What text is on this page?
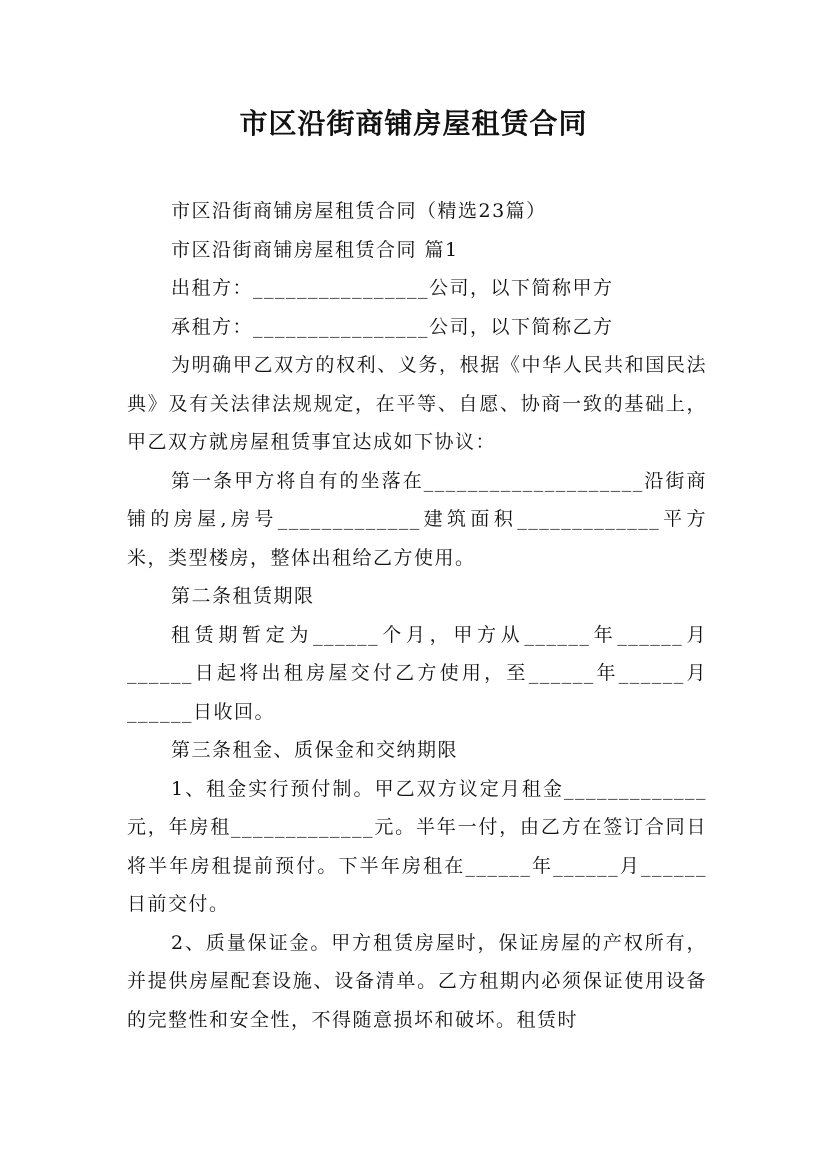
市区沿街商铺房屋租赁合同

市区沿街商铺房屋租赁合同（精选23篇）

市区沿街商铺房屋租赁合同 篇1

出租方：________________公司，以下简称甲方

承租方：________________公司，以下简称乙方

为明确甲乙双方的权利、义务，根据《中华人民共和国民法典》及有关法律法规规定，在平等、自愿、协商一致的基础上，甲乙双方就房屋租赁事宜达成如下协议：

第一条甲方将自有的坐落在____________________沿街商铺的房屋,房号_____________建筑面积_____________平方米，类型楼房，整体出租给乙方使用。

第二条租赁期限

租赁期暂定为______个月，甲方从______年______月______日起将出租房屋交付乙方使用，至______年______月______日收回。

第三条租金、质保金和交纳期限

1、租金实行预付制。甲乙双方议定月租金_____________元，年房租_____________元。半年一付，由乙方在签订合同日将半年房租提前预付。下半年房租在______年______月______日前交付。

2、质量保证金。甲方租赁房屋时，保证房屋的产权所有，并提供房屋配套设施、设备清单。乙方租期内必须保证使用设备的完整性和安全性，不得随意损坏和破坏。租赁时
